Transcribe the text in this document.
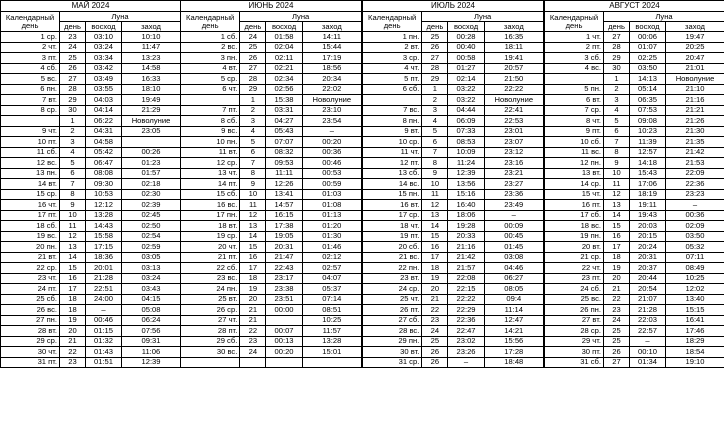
МАЙ 2024			
Календарный день	Луна		
	день	восход	заход
1 ср.	23	03:10	10:10
2 чт.	24	03:24	11:47
3 пт.	25	03:34	13:23
4 сб.	26	03:42	14:58
5 вс.	27	03:49	16:33
6 пн.	28	03:55	18:10
7 вт.	29	04:03	19:49
8 ср.	30	04:14	21:29
	1	06:22	Новолуние
9 чт.	2	04:31	23:05
10 пт.	3	04:58	
11 сб.	4	05:42	00:26
12 вс.	5	06:47	01:23
13 пн.	6	08:08	01:57
14 вт.	7	09:30	02:18
15 ср.	8	10:53	02:30
16 чт.	9	12:12	02:39
17 пт.	10	13:28	02:45
18 сб.	11	14:43	02:50
19 вс.	12	15:58	02:54
20 пн.	13	17:15	02:59
21 вт.	14	18:36	03:05
22 ср.	15	20:01	03:13
23 чт.	16	21:28	03:24
24 пт.	17	22:51	03:43
25 сб.	18	24:00	04:15
26 вс.	18	–	05:08
27 пн.	19	00:46	06:24
28 вт.	20	01:15	07:56
29 ср.	21	01:32	09:31
30 чт.	22	01:43	11:06
31 пт.	23	01:51	12:39
ИЮНЬ 2024			
Календарный день	Луна		
	день	восход	заход
1 сб.	24	01:58	14:11
2 вс.	25	02:04	15:44
3 пн.	26	02:11	17:19
4 вт.	27	02:21	18:56
5 ср.	28	02:34	20:34
6 чт.	29	02:56	22:02
	1	15:38	Новолуние
7 пт.	2	03:31	23:10
8 сб.	3	04:27	23:54
9 вс.	4	05:43	–
10 пн.	5	07:07	00:20
11 вт.	6	08:32	00:36
12 ср.	7	09:53	00:46
13 чт.	8	11:11	00:53
14 пт.	9	12:26	00:59
15 сб.	10	13:41	01:03
16 вс.	11	14:57	01:08
17 пн.	12	16:15	01:13
18 вт.	13	17:38	01:20
19 ср.	14	19:05	01:30
20 чт.	15	20:31	01:46
21 пт.	16	21:47	02:12
22 сб.	17	22:43	02:57
23 вс.	18	23:17	04:07
24 пн.	19	23:38	05:37
25 вт.	20	23:51	07:14
26 ср.	21	00:00	08:51
27 чт.	21		10:25
28 пт.	22	00:07	11:57
29 сб.	23	00:13	13:28
30 вс.	24	00:20	15:01

ИЮЛЬ 2024			
Календарный день	Луна		
	день	восход	заход
1 пн.	25	00:28	16:35
2 вт.	26	00:40	18:11
3 ср.	27	00:58	19:41
4 чт.	28	01:27	20:57
5 пт.	29	02:14	21:50
6 сб.	1	03:22	22:22
	2	03:22	Новолуние
7 вс.	3	04:44	22:41
8 пн.	4	06:09	22:53
9 вт.	5	07:33	23:01
10 ср.	6	08:53	23:07
11 чт.	7	10:09	23:12
12 пт.	8	11:24	23:16
13 сб.	9	12:39	23:21
14 вс.	10	13:56	23:27
15 пн.	11	15:16	23:36
16 вт.	12	16:40	23:49
17 ср.	13	18:06	–
18 чт.	14	19:28	00:09
19 пт.	15	20:33	00:45
20 сб.	16	21:16	01:45
21 вс.	17	21:42	03:08
22 пн.	18	21:57	04:46
23 вт.	19	22:08	06:27
24 ср.	20	22:15	08:05
25 чт.	21	22:22	09:4
26 пт.	22	22:29	11:14
27 сб.	23	22:36	12:47
28 вс.	24	22:47	14:21
29 пн.	25	23:02	15:56
30 вт.	26	23:26	17:28
31 ср.	26	–	18:48
АВГУСТ 2024			
Календарный день	Луна		
	день	восход	заход
1 чт.	27	00:06	19:47
2 пт.	28	01:07	20:25
3 сб.	29	02:25	20:47
4 вс.	30	03:50	21:01
	1	14:13	Новолуние
5 пн.	2	05:14	21:10
6 вт.	3	06:35	21:16
7 ср.	4	07:53	21:21
8 чт.	5	09:08	21:26
9 пт.	6	10:23	21:30
10 сб.	7	11:39	21:35
11 вс.	8	12:57	21:42
12 пн.	9	14:18	21:53
13 вт.	10	15:43	22:09
14 ср.	11	17:06	22:36
15 чт.	12	18:19	23:23
16 пт.	13	19:11	–
17 сб.	14	19:43	00:36
18 вс.	15	20:03	02:09
19 пн.	16	20:15	03:50
20 вт.	17	20:24	05:32
21 ср.	18	20:31	07:11
22 чт.	19	20:37	08:49
23 пт.	20	20:44	10:25
24 сб.	21	20:54	12:02
25 вс.	22	21:07	13:40
26 пн.	23	21:28	15:15
27 вт.	24	22:03	16:41
28 ср.	25	22:57	17:46
29 чт.	25	–	18:29
30 пт.	26	00:10	18:54
31 сб.	27	01:34	19:10
